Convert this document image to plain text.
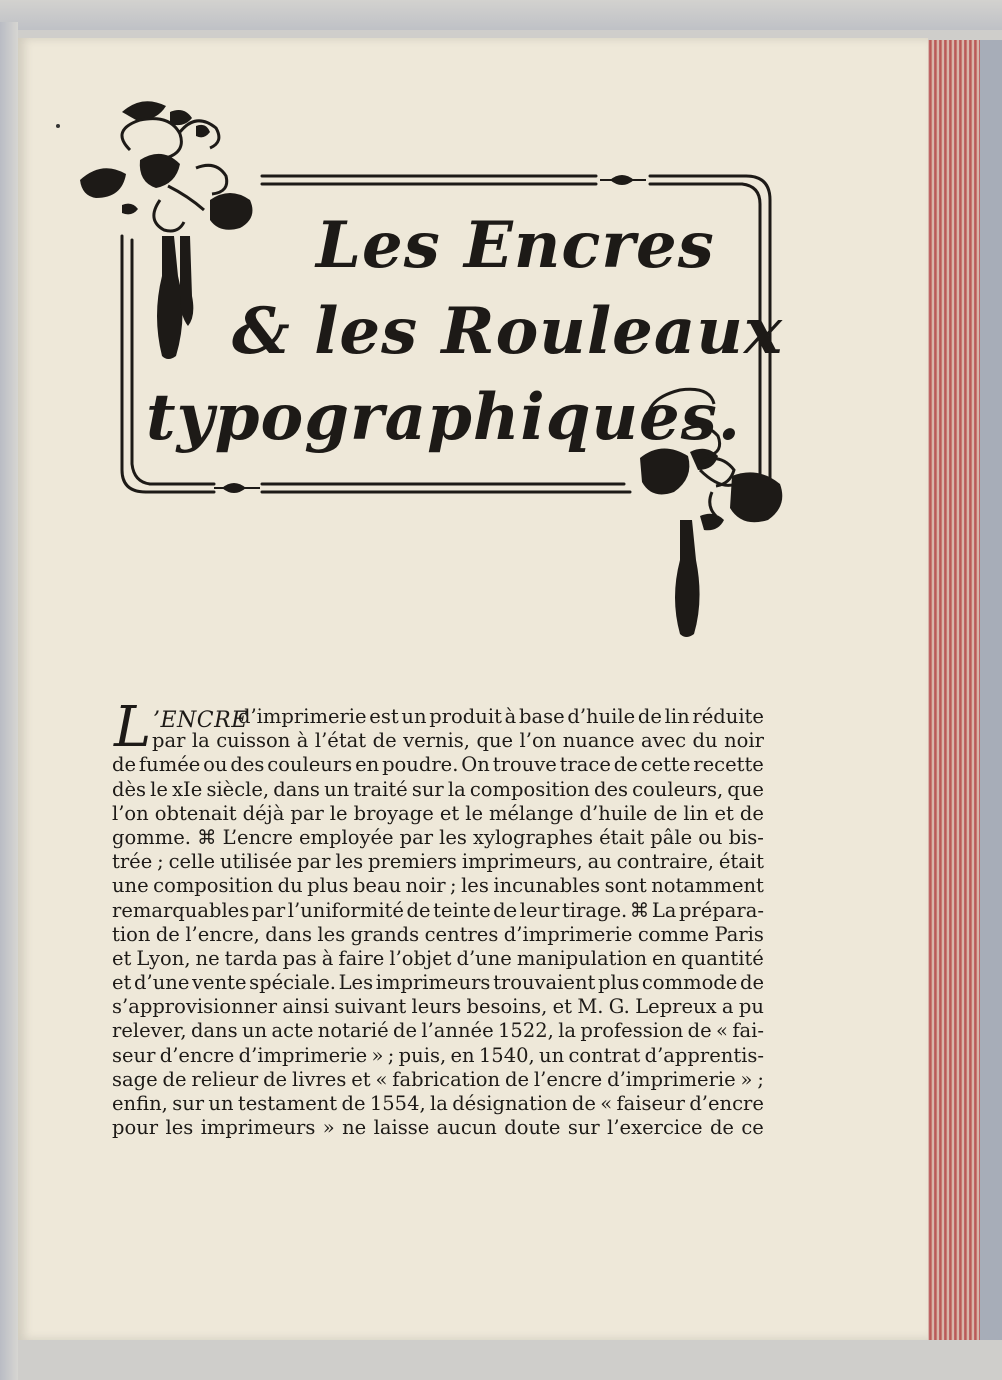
Les Encres
& les Rouleaux
typographiques.
L ’ENCRE
d’imprimerie est un produit à base d’huile de lin réduite
par la cuisson à l’état de vernis, que l’on nuance avec du noir
de fumée ou des couleurs en poudre. On trouve trace de cette recette
dès le xIe siècle, dans un traité sur la composition des couleurs, que
l’on obtenait déjà par le broyage et le mélange d’huile de lin et de
gomme. ⌘ L’encre employée par les xylographes était pâle ou bis-
trée ; celle utilisée par les premiers imprimeurs, au contraire, était
une composition du plus beau noir ; les incunables sont notamment
remarquables par l’uniformité de teinte de leur tirage. ⌘ La prépara-
tion de l’encre, dans les grands centres d’imprimerie comme Paris
et Lyon, ne tarda pas à faire l’objet d’une manipulation en quantité
et d’une vente spéciale. Les imprimeurs trouvaient plus commode de
s’approvisionner ainsi suivant leurs besoins, et M. G. Lepreux a pu
relever, dans un acte notarié de l’année 1522, la profession de « fai-
seur d’encre d’imprimerie » ; puis, en 1540, un contrat d’apprentis-
sage de relieur de livres et « fabrication de l’encre d’imprimerie » ;
enfin, sur un testament de 1554, la désignation de « faiseur d’encre
pour les imprimeurs » ne laisse aucun doute sur l’exercice de ce
